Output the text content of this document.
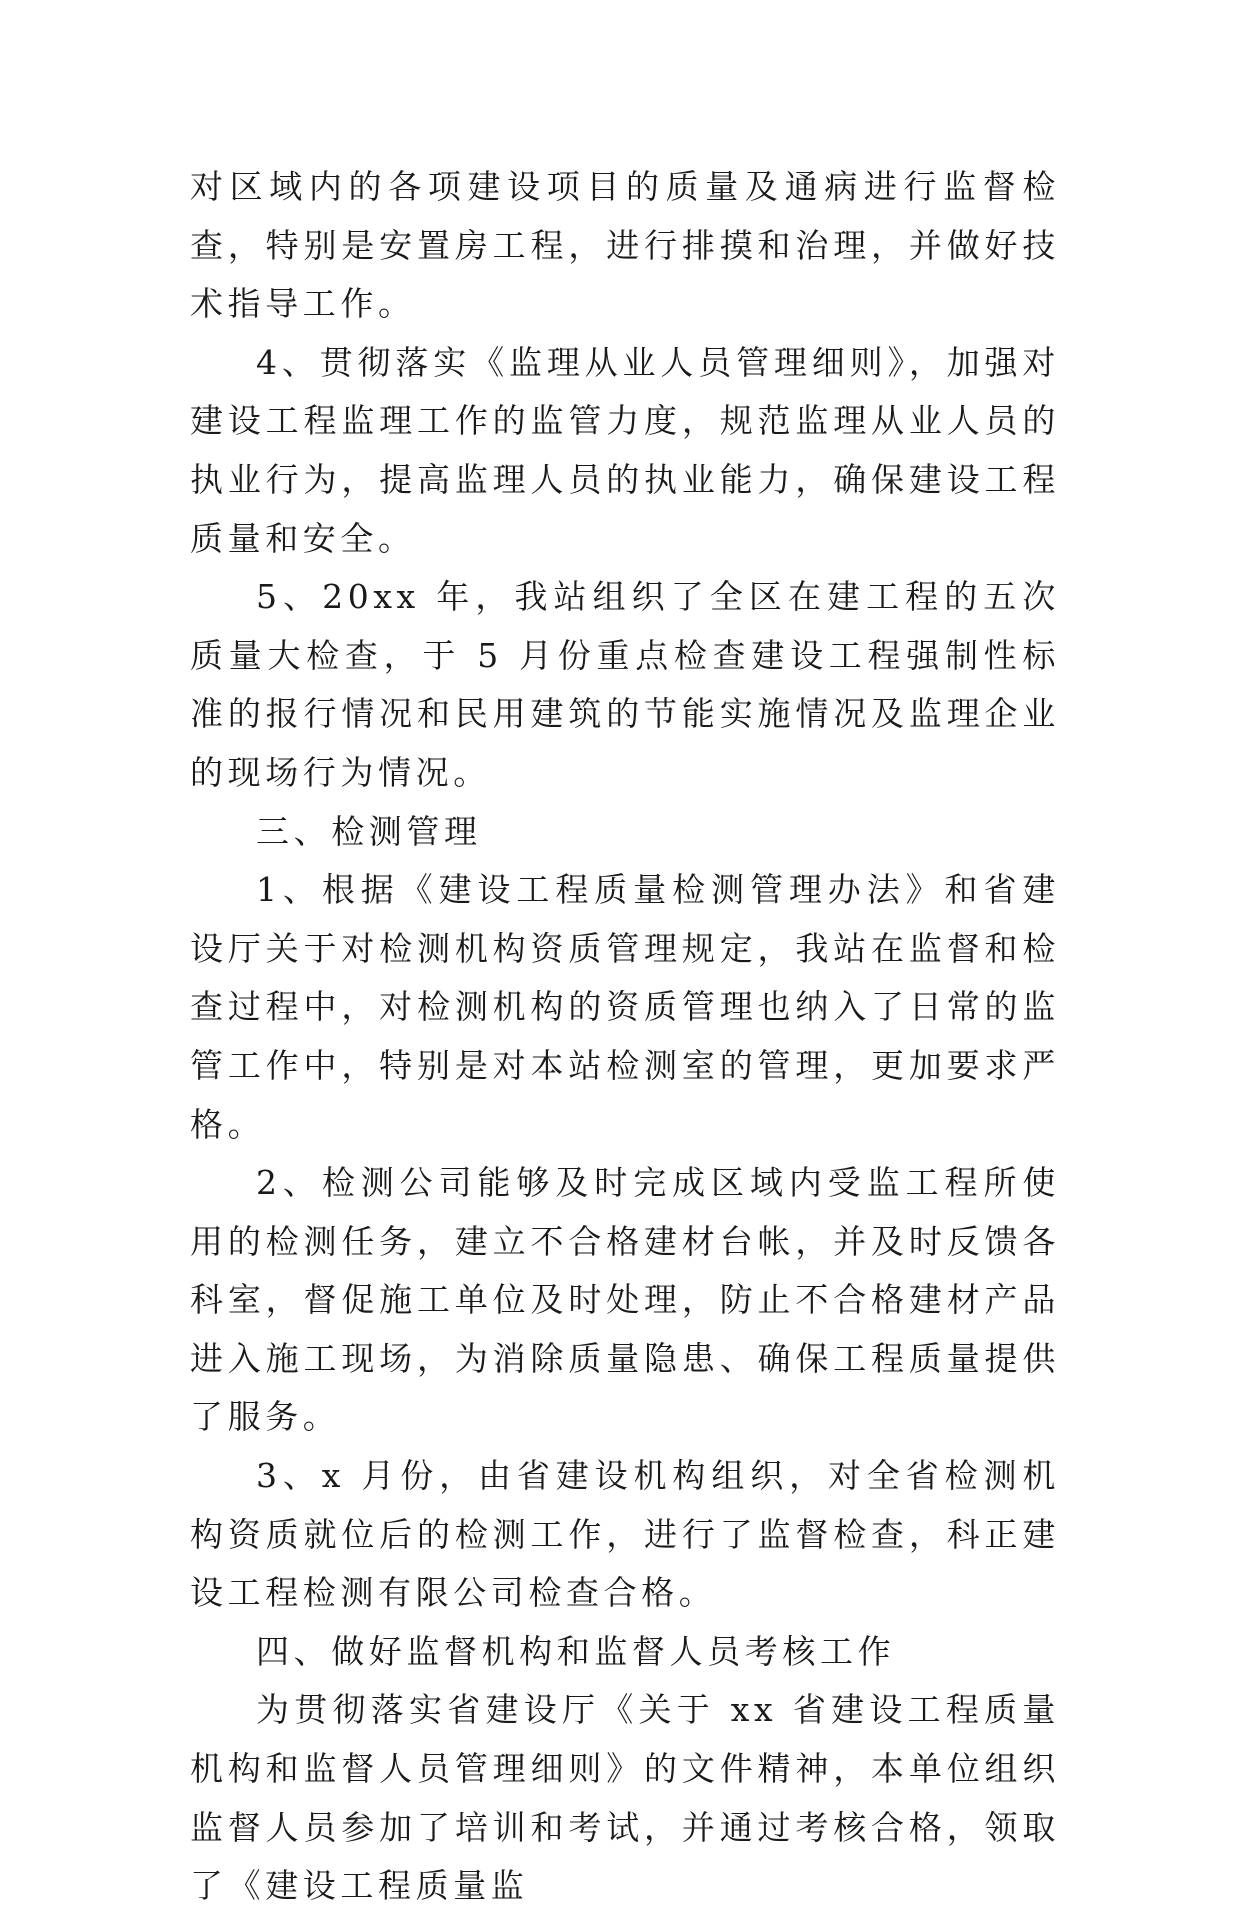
对区域内的各项建设项目的质量及通病进行监督检查，特别是安置房工程，进行排摸和治理，并做好技术指导工作。

4、贯彻落实《监理从业人员管理细则》，加强对建设工程监理工作的监管力度，规范监理从业人员的执业行为，提高监理人员的执业能力，确保建设工程质量和安全。

5、20xx 年，我站组织了全区在建工程的五次质量大检查，于 5 月份重点检查建设工程强制性标准的报行情况和民用建筑的节能实施情况及监理企业的现场行为情况。

三、检测管理

1、根据《建设工程质量检测管理办法》和省建设厅关于对检测机构资质管理规定，我站在监督和检查过程中，对检测机构的资质管理也纳入了日常的监管工作中，特别是对本站检测室的管理，更加要求严格。

2、检测公司能够及时完成区域内受监工程所使用的检测任务，建立不合格建材台帐，并及时反馈各科室，督促施工单位及时处理，防止不合格建材产品进入施工现场，为消除质量隐患、确保工程质量提供了服务。

3、x 月份，由省建设机构组织，对全省检测机构资质就位后的检测工作，进行了监督检查，科正建设工程检测有限公司检查合格。

四、做好监督机构和监督人员考核工作

为贯彻落实省建设厅《关于 xx 省建设工程质量机构和监督人员管理细则》的文件精神，本单位组织监督人员参加了培训和考试，并通过考核合格，领取了《建设工程质量监
